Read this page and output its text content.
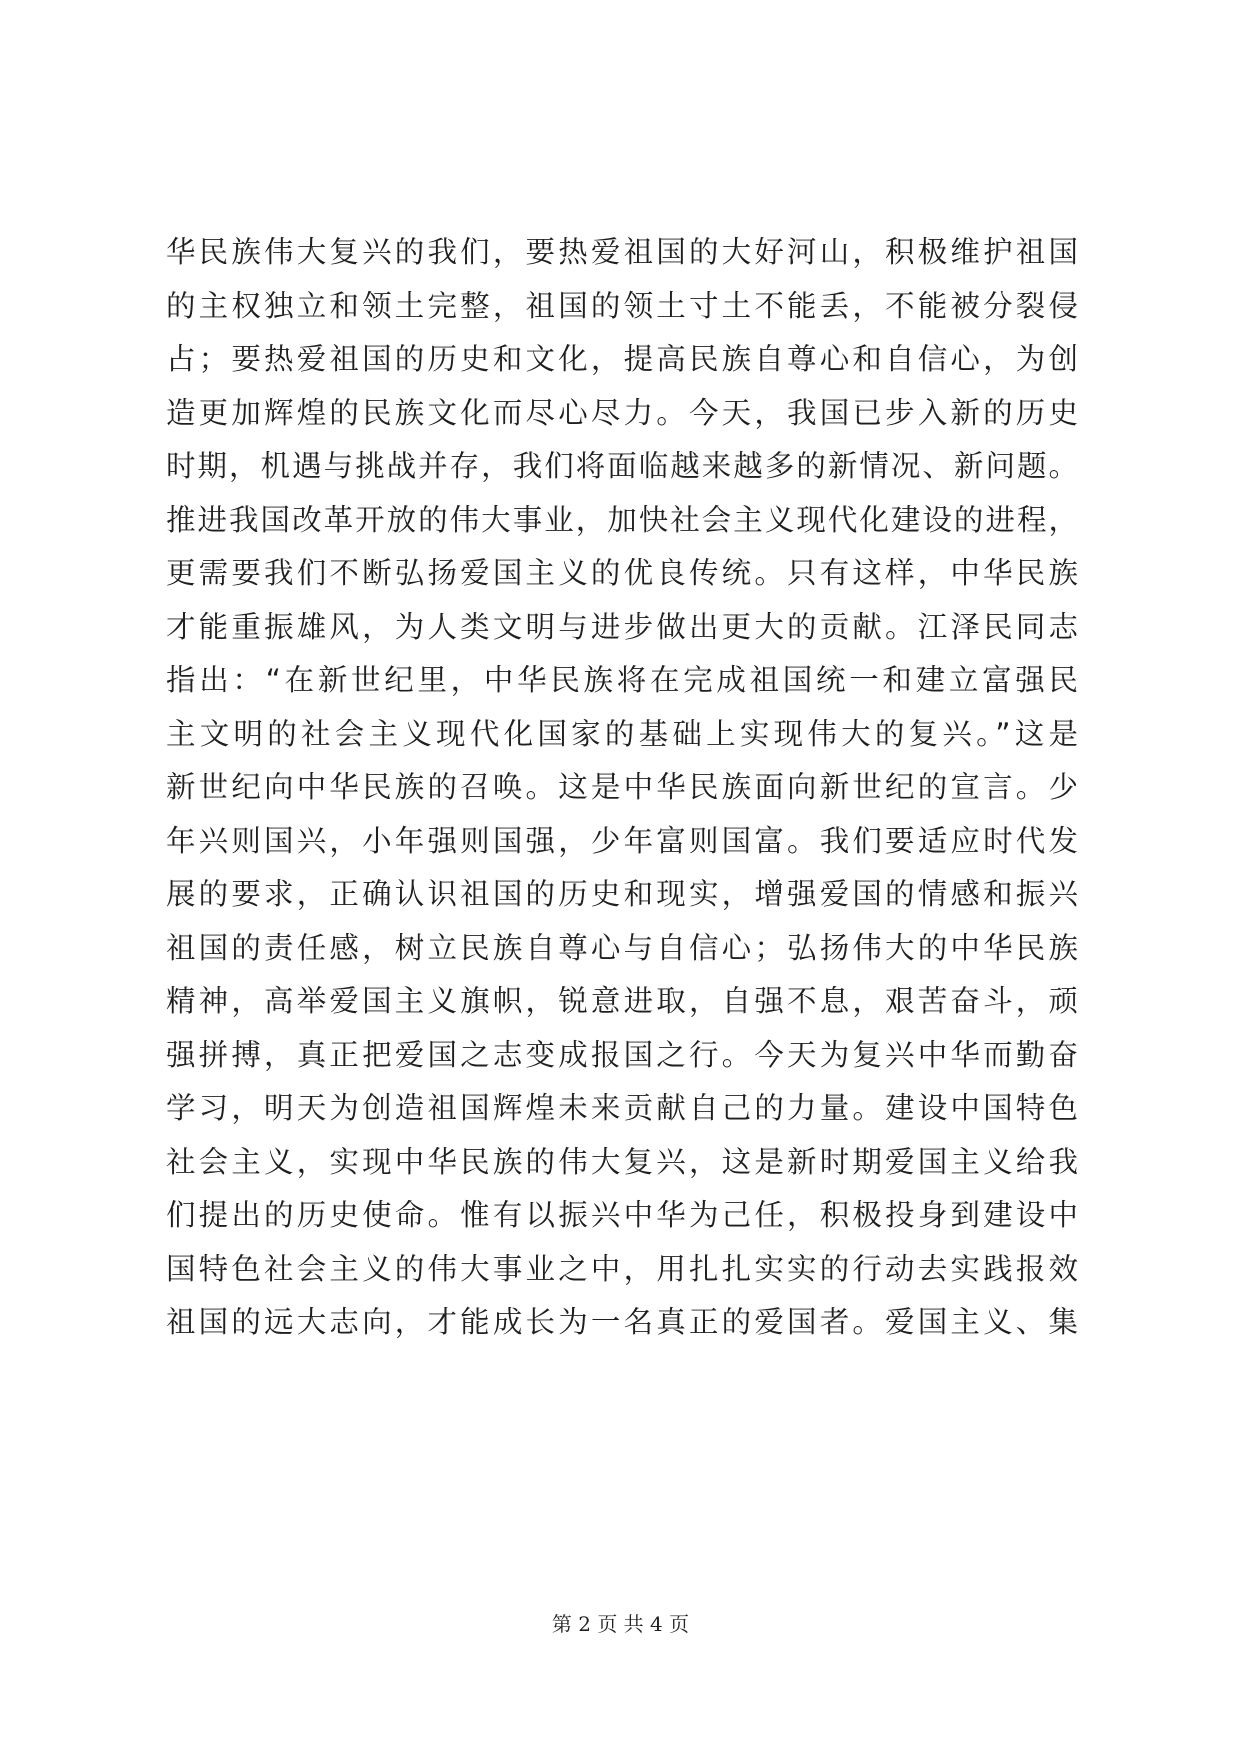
华民族伟大复兴的我们，要热爱祖国的大好河山，积极维护祖国
的主权独立和领土完整，祖国的领土寸土不能丢，不能被分裂侵
占；要热爱祖国的历史和文化，提高民族自尊心和自信心，为创
造更加辉煌的民族文化而尽心尽力。今天，我国已步入新的历史
时期，机遇与挑战并存，我们将面临越来越多的新情况、新问题。
推进我国改革开放的伟大事业，加快社会主义现代化建设的进程，
更需要我们不断弘扬爱国主义的优良传统。只有这样，中华民族
才能重振雄风，为人类文明与进步做出更大的贡献。江泽民同志
指出：“在新世纪里，中华民族将在完成祖国统一和建立富强民
主文明的社会主义现代化国家的基础上实现伟大的复兴。”这是
新世纪向中华民族的召唤。这是中华民族面向新世纪的宣言。少
年兴则国兴，小年强则国强，少年富则国富。我们要适应时代发
展的要求，正确认识祖国的历史和现实，增强爱国的情感和振兴
祖国的责任感，树立民族自尊心与自信心；弘扬伟大的中华民族
精神，高举爱国主义旗帜，锐意进取，自强不息，艰苦奋斗，顽
强拼搏，真正把爱国之志变成报国之行。今天为复兴中华而勤奋
学习，明天为创造祖国辉煌未来贡献自己的力量。建设中国特色
社会主义，实现中华民族的伟大复兴，这是新时期爱国主义给我
们提出的历史使命。惟有以振兴中华为己任，积极投身到建设中
国特色社会主义的伟大事业之中，用扎扎实实的行动去实践报效
祖国的远大志向，才能成长为一名真正的爱国者。爱国主义、集
第 2 页 共 4 页
